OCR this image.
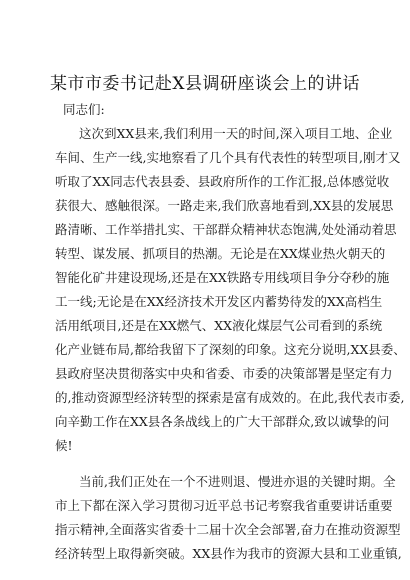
某市市委书记赴X县调研座谈会上的讲话
同志们:
这次到XX县来,我们利用一天的时间,深入项目工地、企业
车间、生产一线,实地察看了几个具有代表性的转型项目,刚才又
听取了XX同志代表县委、县政府所作的工作汇报,总体感觉收
获很大、感触很深。一路走来,我们欣喜地看到,XX县的发展思
路清晰、工作举措扎实、干部群众精神状态饱满,处处涌动着思
转型、谋发展、抓项目的热潮。无论是在XX煤业热火朝天的
智能化矿井建设现场,还是在XX铁路专用线项目争分夺秒的施
工一线;无论是在XX经济技术开发区内蓄势待发的XX高档生
活用纸项目,还是在XX燃气、XX液化煤层气公司看到的系统
化产业链布局,都给我留下了深刻的印象。这充分说明,XX县委、
县政府坚决贯彻落实中央和省委、市委的决策部署是坚定有力
的,推动资源型经济转型的探索是富有成效的。在此,我代表市委,
向辛勤工作在XX县各条战线上的广大干部群众,致以诚挚的问
候!
当前,我们正处在一个不进则退、慢进亦退的关键时期。全
市上下都在深入学习贯彻习近平总书记考察我省重要讲话重要
指示精神,全面落实省委十二届十次全会部署,奋力在推动资源型
经济转型上取得新突破。XX县作为我市的资源大县和工业重镇,
